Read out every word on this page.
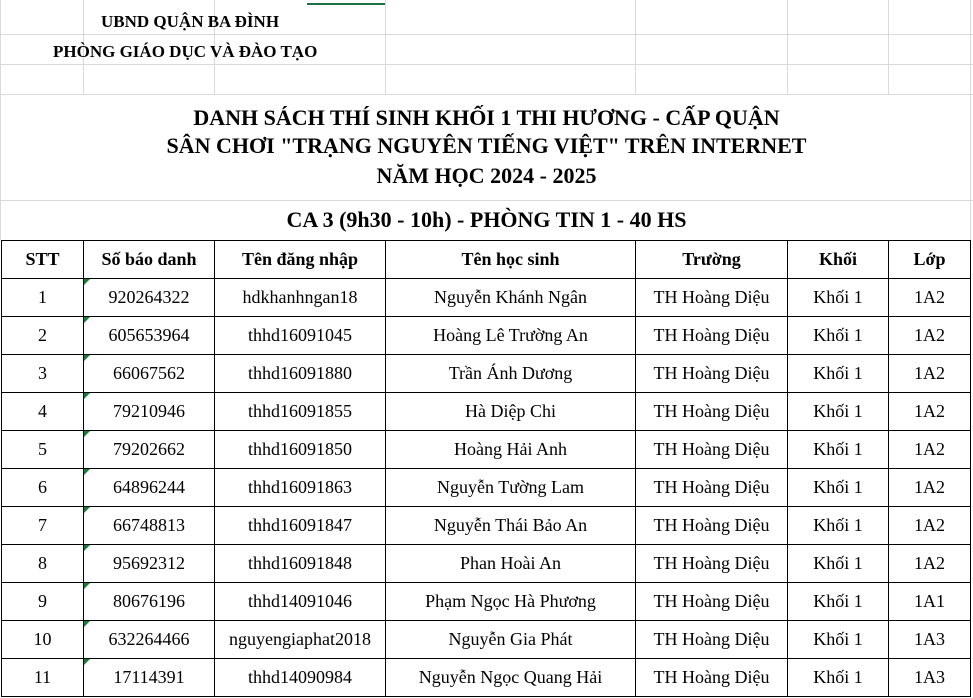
UBND QUẬN BA ĐÌNH
PHÒNG GIÁO DỤC VÀ ĐÀO TẠO
DANH SÁCH THÍ SINH KHỐI 1 THI HƯƠNG - CẤP QUẬN
SÂN CHƠI "TRẠNG NGUYÊN TIẾNG VIỆT" TRÊN INTERNET
NĂM HỌC 2024 - 2025
CA 3 (9h30 - 10h) - PHÒNG TIN 1 - 40 HS
STT	Số báo danh	Tên đăng nhập	Tên học sinh	Trường	Khối	Lớp
1	920264322	hdkhanhngan18	Nguyễn Khánh Ngân	TH Hoàng Diệu	Khối 1	1A2
2	605653964	thhd16091045	Hoàng Lê Trường An	TH Hoàng Diệu	Khối 1	1A2
3	66067562	thhd16091880	Trần Ánh Dương	TH Hoàng Diệu	Khối 1	1A2
4	79210946	thhd16091855	Hà Diệp Chi	TH Hoàng Diệu	Khối 1	1A2
5	79202662	thhd16091850	Hoàng Hải Anh	TH Hoàng Diệu	Khối 1	1A2
6	64896244	thhd16091863	Nguyễn Tường Lam	TH Hoàng Diệu	Khối 1	1A2
7	66748813	thhd16091847	Nguyễn Thái Bảo An	TH Hoàng Diệu	Khối 1	1A2
8	95692312	thhd16091848	Phan Hoài An	TH Hoàng Diệu	Khối 1	1A2
9	80676196	thhd14091046	Phạm Ngọc Hà Phương	TH Hoàng Diệu	Khối 1	1A1
10	632264466	nguyengiaphat2018	Nguyễn Gia Phát	TH Hoàng Diệu	Khối 1	1A3
11	17114391	thhd14090984	Nguyễn Ngọc Quang Hải	TH Hoàng Diệu	Khối 1	1A3
